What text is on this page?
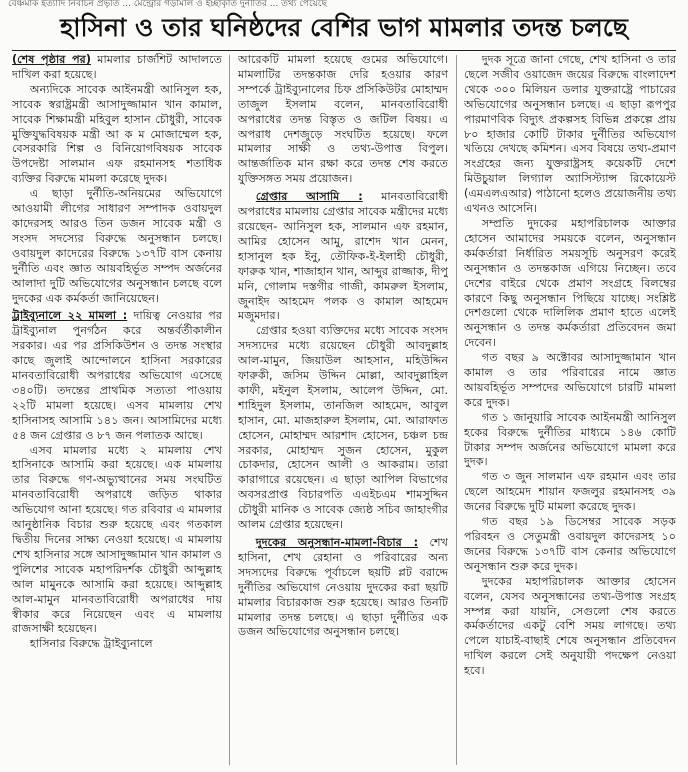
বেঞ্চমার্ক ইত্যাদি নির্বাচন প্রভৃতি ... মেন্ট্রোর গড়মিলি ও ইচ্ছাকৃতি দুর্নীতির ... তথ্য পেয়েছে
হাসিনা ও তার ঘনিষ্ঠদের বেশির ভাগ মামলার তদন্ত চলছে

(শেষ পৃষ্ঠার পর) মামলার চার্জশিট আদালতে দাখিল করা হয়েছে।

অন্যদিকে সাবেক আইনমন্ত্রী আনিসুল হক, সাবেক স্বরাষ্ট্রমন্ত্রী আসাদুজ্জামান খান কামাল, সাবেক শিক্ষামন্ত্রী মহিবুল হাসান চৌধুরী, সাবেক মুক্তিযুদ্ধবিষয়ক মন্ত্রী আ ক ম মোজাম্মেল হক, বেসরকারি শিল্প ও বিনিয়োগবিষয়ক সাবেক উপদেষ্টা সালমান এফ রহমানসহ শতাধিক ব্যক্তির বিরুদ্ধে মামলা করেছে দুদক।

এ ছাড়া দুর্নীতি-অনিয়মের অভিযোগে আওয়ামী লীগের সাধারণ সম্পাদক ওবায়দুল কাদেরসহ আরও তিন ডজন সাবেক মন্ত্রী ও সংসদ সদস্যের বিরুদ্ধে অনুসন্ধান চলছে। ওবায়দুল কাদেরের বিরুদ্ধে ১৩৭টি বাস কেনায় দুর্নীতি এবং জ্ঞাত আয়বহির্ভূত সম্পদ অর্জনের আলাদা দুটি অভিযোগের অনুসন্ধান চলছে বলে দুদকের এক কর্মকর্তা জানিয়েছেন।

ট্রাইব্যুনালে ২২ মামলা : দায়িত্ব নেওয়ার পর ট্রাইব্যুনাল পুনর্গঠন করে অন্তর্বর্তীকালীন সরকার। এর পর প্রসিকিউশন ও তদন্ত সংস্থার কাছে জুলাই আন্দোলনে হাসিনা সরকারের মানবতাবিরোধী অপরাধের অভিযোগ এসেছে ৩৪০টি। তদন্তের প্রাথমিক সত্যতা পাওয়ায় ২২টি মামলা হয়েছে। এসব মামলায় শেখ হাসিনাসহ আসামি ১৪১ জন। আসামিদের মধ্যে ৫৪ জন গ্রেপ্তার ও ৮৭ জন পলাতক আছে।

এসব মামলার মধ্যে ২ মামলায় শেখ হাসিনাকে আসামি করা হয়েছে। এক মামলায় তার বিরুদ্ধে গণ-অভ্যুত্থানের সময় সংঘটিত মানবতাবিরোধী অপরাধে জড়িত থাকার অভিযোগ আনা হয়েছে। গত রবিবার এ মামলার আনুষ্ঠানিক বিচার শুরু হয়েছে এবং গতকাল দ্বিতীয় দিনের সাক্ষ্য নেওয়া হয়েছে। এ মামলায় শেখ হাসিনার সঙ্গে আসাদুজ্জামান খান কামাল ও পুলিশের সাবেক মহাপরিদর্শক চৌধুরী আব্দুল্লাহ আল মামুনকে আসামি করা হয়েছে। আব্দুল্লাহ আল-মামুন মানবতাবিরোধী অপরাধের দায় স্বীকার করে নিয়েছেন এবং এ মামলায় রাজসাক্ষী হয়েছেন।

হাসিনার বিরুদ্ধে ট্রাইব্যুনালে

আরেকটি মামলা হয়েছে গুমের অভিযোগে। মামলাটির তদন্তকাজ দেরি হওয়ার কারণ সম্পর্কে ট্রাইব্যুনালের চিফ প্রসিকিউটর মোহাম্মদ তাজুল ইসলাম বলেন, মানবতাবিরোধী অপরাধের তদন্ত বিস্তৃত ও জটিল বিষয়। এ অপরাধ দেশজুড়ে সংঘটিত হয়েছে। ফলে মামলার সাক্ষী ও তথ্য-উপাত্ত বিপুল। আন্তর্জাতিক মান রক্ষা করে তদন্ত শেষ করতে যুক্তিসঙ্গত সময় প্রয়োজন।

গ্রেপ্তার আসামি : মানবতাবিরোধী অপরাধের মামলায় গ্রেপ্তার সাবেক মন্ত্রীদের মধ্যে রয়েছেন- আনিসুল হক, সালমান এফ রহমান, আমির হোসেন আমু, রাশেদ খান মেনন, হাসানুল হক ইনু, তৌফিক-ই-ইলাহী চৌধুরী, ফারুক খান, শাজাহান খান, আব্দুর রাজ্জাক, দীপু মনি, গোলাম দস্তগীর গাজী, কামরুল ইসলাম, জুনাইদ আহমেদ পলক ও কামাল আহমেদ মজুমদার।

গ্রেপ্তার হওয়া ব্যক্তিদের মধ্যে সাবেক সংসদ সদস্যদের মধ্যে রয়েছেন চৌধুরী আবদুল্লাহ আল-মামুন, জিয়াউল আহসান, মহিউদ্দিন ফারুকী, জসিম উদ্দিন মোল্লা, আবদুল্লাহিল কাফী, মইনুল ইসলাম, আলেপ উদ্দিন, মো. শাহিদুল ইসলাম, তানজিল আহমেদ, আবুল হাসান, মো. মাজহারুল ইসলাম, মো. আরাফাত হোসেন, মোহাম্মদ আরশাদ হোসেন, চঞ্চল চন্দ্র সরকার, মোহাম্মদ সুজন হোসেন, মুকুল চোকদার, হোসেন আলী ও আকরাম। তারা কারাগারে রয়েছেন। এ ছাড়া আপিল বিভাগের অবসরপ্রাপ্ত বিচারপতি এএইচএম শামসুদ্দিন চৌধুরী মানিক ও সাবেক জ্যেষ্ঠ সচিব জাহাংগীর আলম গ্রেপ্তার হয়েছেন।

দুদকের অনুসন্ধান-মামলা-বিচার : শেখ হাসিনা, শেখ রেহানা ও পরিবারের অন্য সদস্যদের বিরুদ্ধে পূর্বাচলে ছয়টি প্লট বরাদ্দে দুর্নীতির অভিযোগ নেওয়ায় দুদকের করা ছয়টি মামলার বিচারকাজ শুরু হয়েছে। আরও তিনটি মামলার তদন্ত চলছে। এ ছাড়া দুর্নীতির এক ডজন অভিযোগের অনুসন্ধান চলছে।

দুদক সূত্রে জানা গেছে, শেখ হাসিনা ও তার ছেলে সজীব ওয়াজেদ জয়ের বিরুদ্ধে বাংলাদেশ থেকে ৩০০ মিলিয়ন ডলার যুক্তরাষ্ট্রে পাচারের অভিযোগের অনুসন্ধান চলছে। এ ছাড়া রূপপুর পারমাণবিক বিদ্যুৎ প্রকল্পসহ বিভিন্ন প্রকল্পে প্রায় ৮০ হাজার কোটি টাকার দুর্নীতির অভিযোগ খতিয়ে দেখছে কমিশন। এসব বিষয়ে তথ্য-প্রমাণ সংগ্রহের জন্য যুক্তরাষ্ট্রসহ কয়েকটি দেশে মিউচুয়াল লিগ্যাল অ্যাসিস্ট্যান্স রিকোয়েস্ট (এমএলএআর) পাঠানো হলেও প্রয়োজনীয় তথ্য এখনও আসেনি।

সম্প্রতি দুদকের মহাপরিচালক আক্তার হোসেন আমাদের সময়কে বলেন, অনুসন্ধান কর্মকর্তারা নির্ধারিত সময়সূচি অনুসরণ করেই অনুসন্ধান ও তদন্তকাজ এগিয়ে নিচ্ছেন। তবে দেশের বাইরে থেকে প্রমাণ সংগ্রহে বিলম্বের কারণে কিছু অনুসন্ধান পিছিয়ে যাচ্ছে। সংশ্লিষ্ট দেশগুলো থেকে দালিলিক প্রমাণ হাতে এলেই অনুসন্ধান ও তদন্ত কর্মকর্তারা প্রতিবেদন জমা দেবেন।

গত বছর ৯ অক্টোবর আসাদুজ্জামান খান কামাল ও তার পরিবারের নামে জ্ঞাত আয়বহির্ভূত সম্পদের অভিযোগে চারটি মামলা করে দুদক।

গত ১ জানুয়ারি সাবেক আইনমন্ত্রী আনিসুল হকের বিরুদ্ধে দুর্নীতির মাধ্যমে ১৪৬ কোটি টাকার সম্পদ অর্জনের অভিযোগে মামলা করে দুদক।

গত ৩ জুন সালমান এফ রহমান এবং তার ছেলে আহমেদ শায়ান ফজলুর রহমানসহ ৩৯ জনের বিরুদ্ধে দুটি মামলা করেছে দুদক।

গত বছর ১৯ ডিসেম্বর সাবেক সড়ক পরিবহন ও সেতুমন্ত্রী ওবায়দুল কাদেরসহ ১০ জনের বিরুদ্ধে ১৩৭টি বাস কেনার অভিযোগে অনুসন্ধান শুরু করে দুদক।

দুদকের মহাপরিচালক আক্তার হোসেন বলেন, যেসব অনুসন্ধানের তথ্য-উপাত্ত সংগ্রহ সম্পন্ন করা যায়নি, সেগুলো শেষ করতে কর্মকর্তাদের একটু বেশি সময় লাগছে। তথ্য পেলে যাচাই-বাছাই শেষে অনুসন্ধান প্রতিবেদন দাখিল করলে সেই অনুযায়ী পদক্ষেপ নেওয়া হবে।
